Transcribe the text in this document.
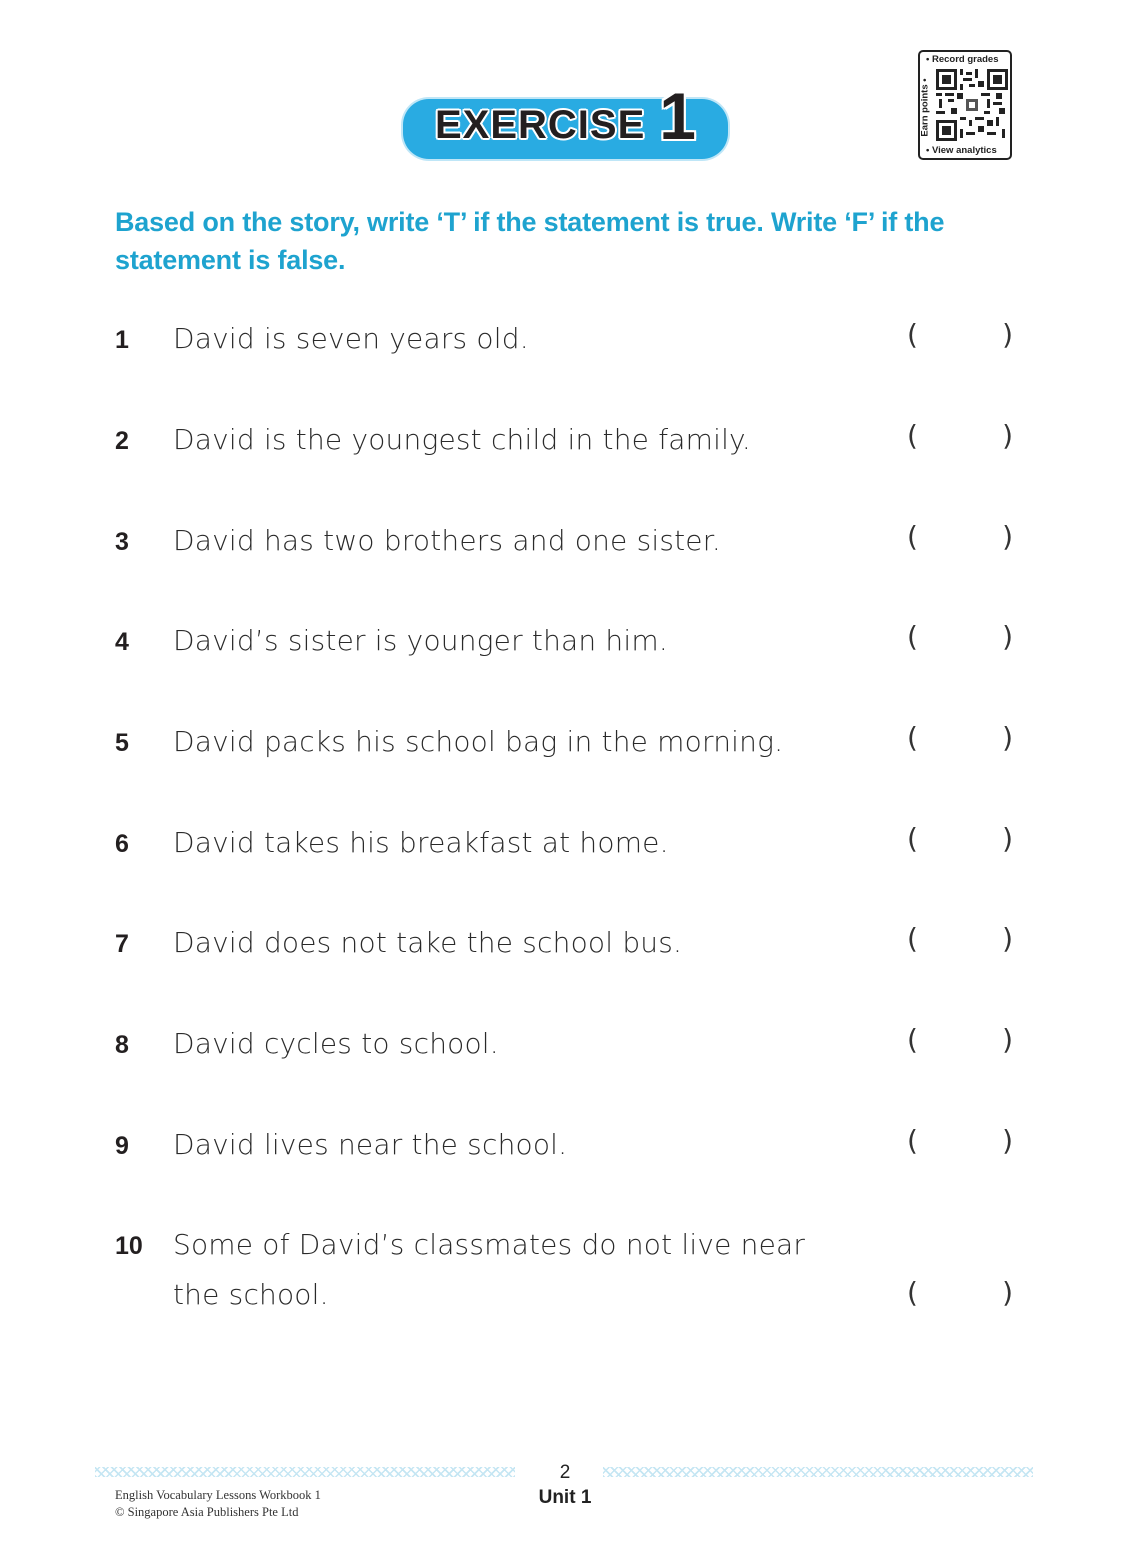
EXERCISE 1
• Record grades
Earn points •
• View analytics
Based on the story, write ‘T’ if the statement is true. Write ‘F’ if the statement is false.
1 David is seven years old.	(	)
2 David is the youngest child in the family.	(	)
3 David has two brothers and one sister.	(	)
4 David’s sister is younger than him.	(	)
5 David packs his school bag in the morning.	(	)
6 David takes his breakfast at home.	(	)
7 David does not take the school bus.	(	)
8 David cycles to school.	(	)
9 David lives near the school.	(	)
10 Some of David’s classmates do not live near
the school.	(	)
2
Unit 1
English Vocabulary Lessons Workbook 1
© Singapore Asia Publishers Pte Ltd
